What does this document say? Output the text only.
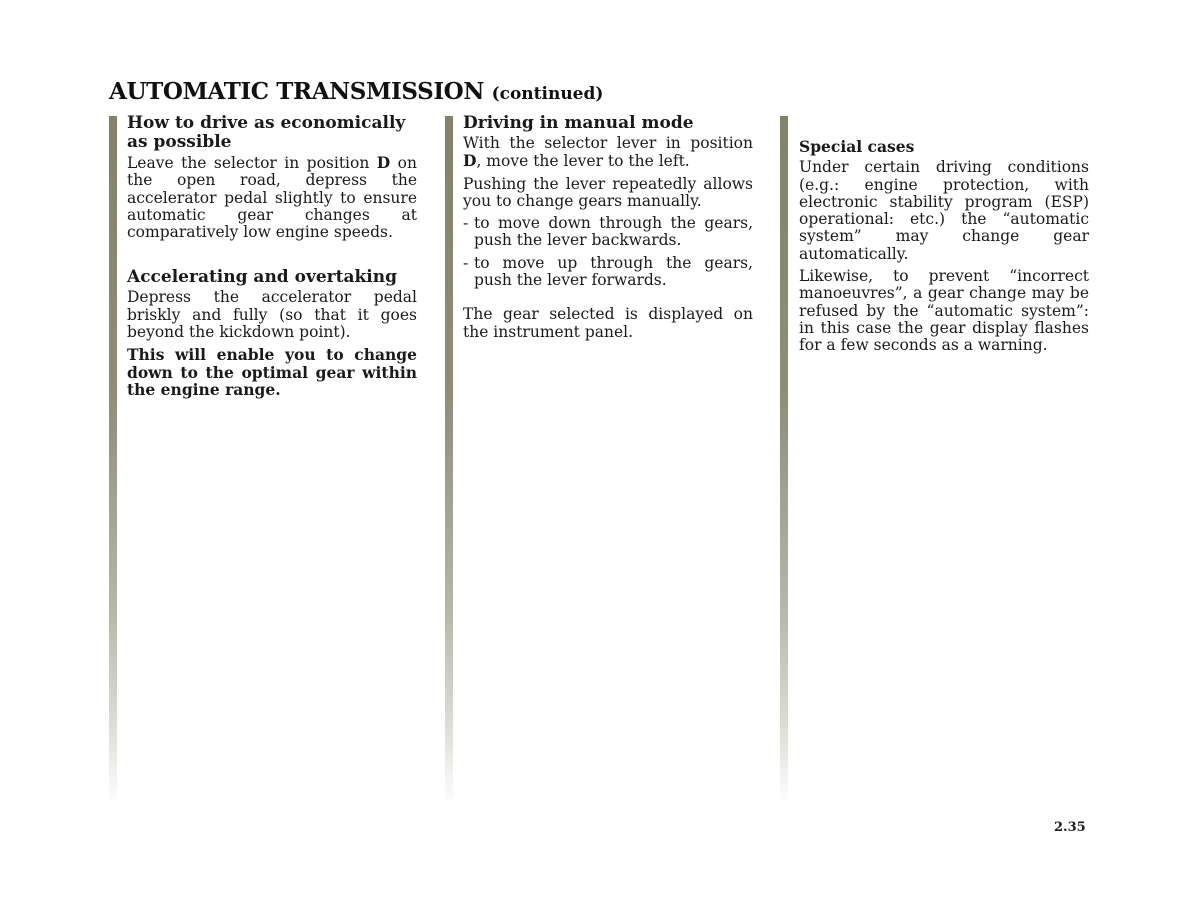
AUTOMATIC TRANSMISSION (continued)
How to drive as economically as possible

Leave the selector in position D on the open road, depress the accelerator pedal slightly to ensure automatic gear changes at comparatively low engine speeds.

Accelerating and overtaking

Depress the accelerator pedal briskly and fully (so that it goes beyond the kickdown point).

This will enable you to change down to the optimal gear within the engine range.

Driving in manual mode

With the selector lever in position D, move the lever to the left.

Pushing the lever repeatedly allows you to change gears manually.

- to move down through the gears, push the lever backwards.
- to move up through the gears, push the lever forwards.

The gear selected is displayed on the instrument panel.

Special cases

Under certain driving conditions (e.g.: engine protection, with electronic stability program (ESP) operational: etc.) the “automatic system” may change gear automatically.

Likewise, to prevent “incorrect manoeuvres”, a gear change may be refused by the “automatic system”: in this case the gear display flashes for a few seconds as a warning.

2.35
